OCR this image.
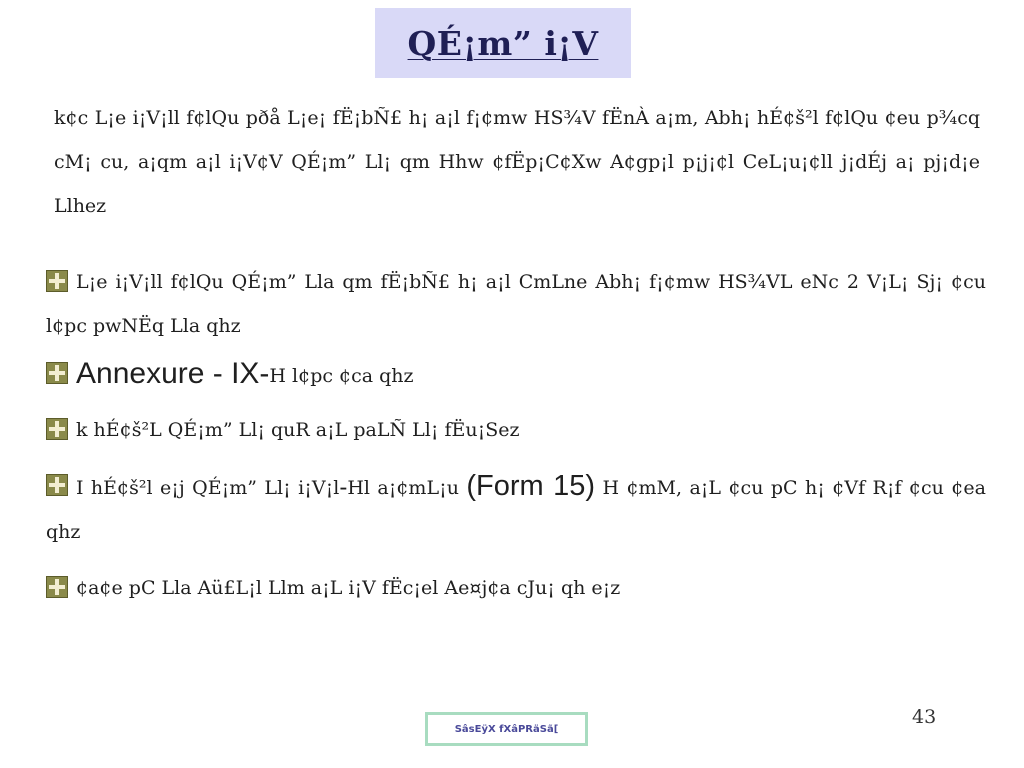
QÉ¡m” i¡V

k¢c L¡e i¡V¡ll f¢lQu pðå L¡e¡ fË¡bÑ£ h¡ a¡l f¡¢mw HS¾V fËnÀ a¡m, Abh¡ hÉ¢š²l f¢lQu ¢eu p¾cq cM¡ cu, a¡qm a¡l i¡V¢V QÉ¡m” Ll¡ qm Hhw ¢fËp¡C¢Xw A¢gp¡l p¡j¡¢l CeL¡u¡¢ll j¡dÉj a¡ pj¡d¡e Llhez

L¡e i¡V¡ll f¢lQu QÉ¡m” Lla qm fË¡bÑ£ h¡ a¡l CmLne Abh¡ f¡¢mw HS¾VL eNc 2 V¡L¡ Sj¡ ¢cu l¢pc pwNËq Lla qhz
Annexure - IX-H l¢pc ¢ca qhz
k hÉ¢š²L QÉ¡m” Ll¡ quR a¡L paLÑ Ll¡ fËu¡Sez
I hÉ¢š²l e¡j QÉ¡m” Ll¡ i¡V¡l-Hl a¡¢mL¡u (Form 15) H ¢mM, a¡L ¢cu pC h¡ ¢Vf R¡f ¢cu ¢ea qhz
¢a¢e pC Lla Aü£L¡l Llm a¡L i¡V fËc¡el Ae¤j¢a cJu¡ qh e¡z
43
SâsEÿX fXâPRäSã[
